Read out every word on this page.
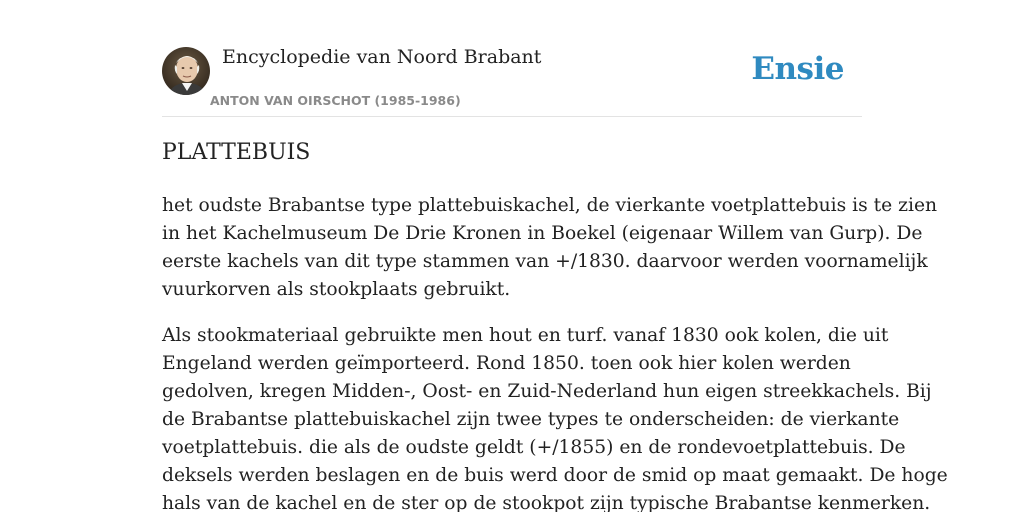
Encyclopedie van Noord Brabant
ANTON VAN OIRSCHOT (1985-1986)
Ensie
PLATTEBUIS

het oudste Brabantse type plattebuiskachel, de vierkante voetplattebuis is te zien
in het Kachelmuseum De Drie Kronen in Boekel (eigenaar Willem van Gurp). De
eerste kachels van dit type stammen van +/1830. daarvoor werden voornamelijk
vuurkorven als stookplaats gebruikt.

Als stookmateriaal gebruikte men hout en turf. vanaf 1830 ook kolen, die uit
Engeland werden geïmporteerd. Rond 1850. toen ook hier kolen werden
gedolven, kregen Midden-, Oost- en Zuid-Nederland hun eigen streekkachels. Bij
de Brabantse plattebuiskachel zijn twee types te onderscheiden: de vierkante
voetplattebuis. die als de oudste geldt (+/1855) en de rondevoetplattebuis. De
deksels werden beslagen en de buis werd door de smid op maat gemaakt. De hoge
hals van de kachel en de ster op de stookpot zijn typische Brabantse kenmerken.
